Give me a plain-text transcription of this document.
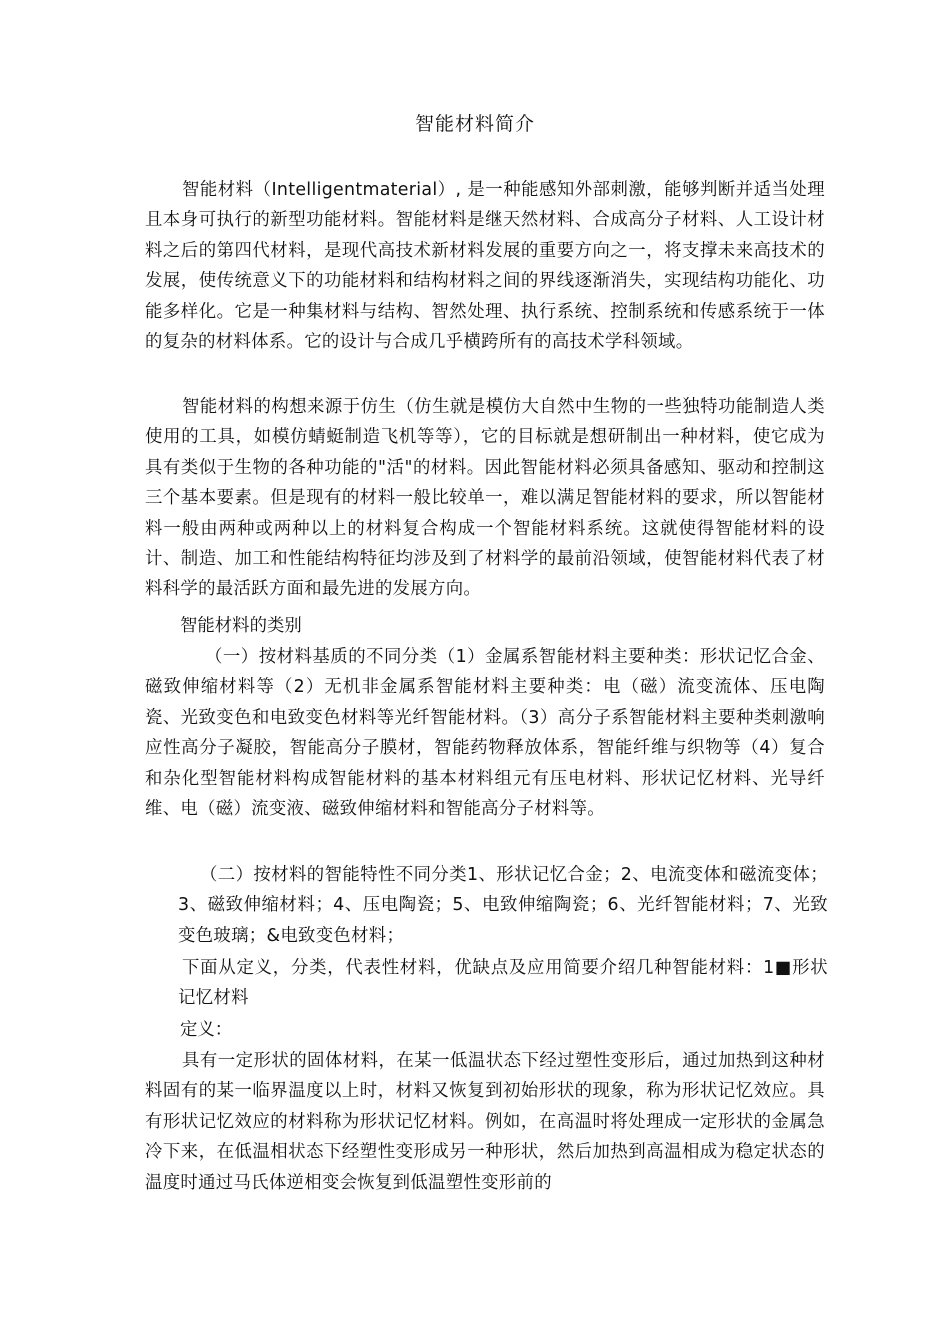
智能材料简介

智能材料（Intelligentmaterial）, 是一种能感知外部刺激，能够判断并适当处理且本身可执行的新型功能材料。智能材料是继天然材料、合成高分子材料、人工设计材料之后的第四代材料，是现代高技术新材料发展的重要方向之一，将支撑未来高技术的发展，使传统意义下的功能材料和结构材料之间的界线逐渐消失，实现结构功能化、功能多样化。它是一种集材料与结构、智然处理、执行系统、控制系统和传感系统于一体的复杂的材料体系。它的设计与合成几乎横跨所有的高技术学科领域。

智能材料的构想来源于仿生（仿生就是模仿大自然中生物的一些独特功能制造人类使用的工具，如模仿蜻蜓制造飞机等等），它的目标就是想研制出一种材料，使它成为具有类似于生物的各种功能的"活"的材料。因此智能材料必须具备感知、驱动和控制这三个基本要素。但是现有的材料一般比较单一，难以满足智能材料的要求，所以智能材料一般由两种或两种以上的材料复合构成一个智能材料系统。这就使得智能材料的设计、制造、加工和性能结构特征均涉及到了材料学的最前沿领域，使智能材料代表了材料科学的最活跃方面和最先进的发展方向。

智能材料的类别

（一）按材料基质的不同分类（1）金属系智能材料主要种类：形状记忆合金、磁致伸缩材料等（2）无机非金属系智能材料主要种类：电（磁）流变流体、压电陶瓷、光致变色和电致变色材料等光纤智能材料。（3）高分子系智能材料主要种类刺激响应性高分子凝胶，智能高分子膜材，智能药物释放体系，智能纤维与织物等（4）复合和杂化型智能材料构成智能材料的基本材料组元有压电材料、形状记忆材料、光导纤维、电（磁）流变液、磁致伸缩材料和智能高分子材料等。

（二）按材料的智能特性不同分类1、形状记忆合金；2、电流变体和磁流变体；3、磁致伸缩材料；4、压电陶瓷；5、电致伸缩陶瓷；6、光纤智能材料；7、光致变色玻璃；&电致变色材料；

下面从定义，分类，代表性材料，优缺点及应用简要介绍几种智能材料：1■形状记忆材料

定义：

具有一定形状的固体材料，在某一低温状态下经过塑性变形后，通过加热到这种材料固有的某一临界温度以上时，材料又恢复到初始形状的现象，称为形状记忆效应。具有形状记忆效应的材料称为形状记忆材料。例如，在高温时将处理成一定形状的金属急冷下来，在低温相状态下经塑性变形成另一种形状，然后加热到高温相成为稳定状态的温度时通过马氏体逆相变会恢复到低温塑性变形前的
